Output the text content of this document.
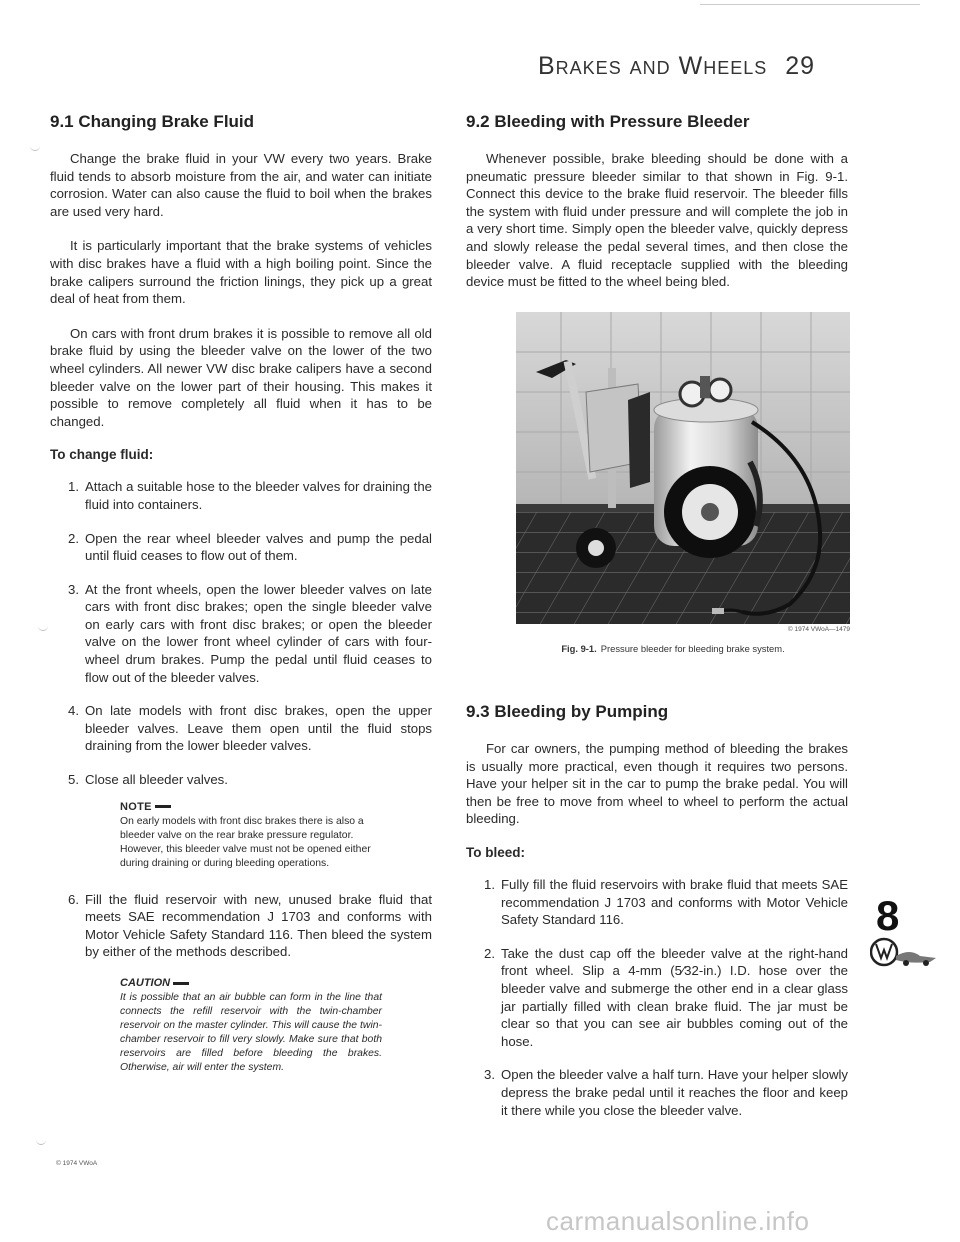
Brakes and Wheels 29
9.1 Changing Brake Fluid

Change the brake fluid in your VW every two years. Brake fluid tends to absorb moisture from the air, and water can initiate corrosion. Water can also cause the fluid to boil when the brakes are used very hard.

It is particularly important that the brake systems of vehicles with disc brakes have a fluid with a high boiling point. Since the brake calipers surround the friction linings, they pick up a great deal of heat from them.

On cars with front drum brakes it is possible to remove all old brake fluid by using the bleeder valve on the lower of the two wheel cylinders. All newer VW disc brake calipers have a second bleeder valve on the lower part of their housing. This makes it possible to remove completely all fluid when it has to be changed.

To change fluid:
1. Attach a suitable hose to the bleeder valves for draining the fluid into containers.
2. Open the rear wheel bleeder valves and pump the pedal until fluid ceases to flow out of them.
3. At the front wheels, open the lower bleeder valves on late cars with front disc brakes; open the single bleeder valve on early cars with front disc brakes; or open the bleeder valve on the lower front wheel cylinder of cars with four-wheel drum brakes. Pump the pedal until fluid ceases to flow out of the bleeder valves.
4. On late models with front disc brakes, open the upper bleeder valves. Leave them open until the fluid stops draining from the lower bleeder valves.
5. Close all bleeder valves.
NOTE
On early models with front disc brakes there is also a bleeder valve on the rear brake pressure regulator. However, this bleeder valve must not be opened either during draining or during bleeding operations.
6. Fill the fluid reservoir with new, unused brake fluid that meets SAE recommendation J 1703 and conforms with Motor Vehicle Safety Standard 116. Then bleed the system by either of the methods described.
CAUTION
It is possible that an air bubble can form in the line that connects the refill reservoir with the twin-chamber reservoir on the master cylinder. This will cause the twin-chamber reservoir to fill very slowly. Make sure that both reservoirs are filled before bleeding the brakes. Otherwise, air will enter the system.
© 1974 VWoA
9.2 Bleeding with Pressure Bleeder

Whenever possible, brake bleeding should be done with a pneumatic pressure bleeder similar to that shown in Fig. 9-1. Connect this device to the brake fluid reservoir. The bleeder fills the system with fluid under pressure and will complete the job in a very short time. Simply open the bleeder valve, quickly depress and slowly release the pedal several times, and then close the bleeder valve. A fluid receptacle supplied with the bleeding device must be fitted to the wheel being bled.

© 1974 VWoA—1479
Fig. 9-1. Pressure bleeder for bleeding brake system.
9.3 Bleeding by Pumping

For car owners, the pumping method of bleeding the brakes is usually more practical, even though it requires two persons. Have your helper sit in the car to pump the brake pedal. You will then be free to move from wheel to wheel to perform the actual bleeding.

To bleed:
1. Fully fill the fluid reservoirs with brake fluid that meets SAE recommendation J 1703 and conforms with Motor Vehicle Safety Standard 116.
2. Take the dust cap off the bleeder valve at the right-hand front wheel. Slip a 4-mm (5⁄32-in.) I.D. hose over the bleeder valve and submerge the other end in a clear glass jar partially filled with clean brake fluid. The jar must be clear so that you can see air bubbles coming out of the hose.
3. Open the bleeder valve a half turn. Have your helper slowly depress the brake pedal until it reaches the floor and keep it there while you close the bleeder valve.
8
carmanualsonline.info
